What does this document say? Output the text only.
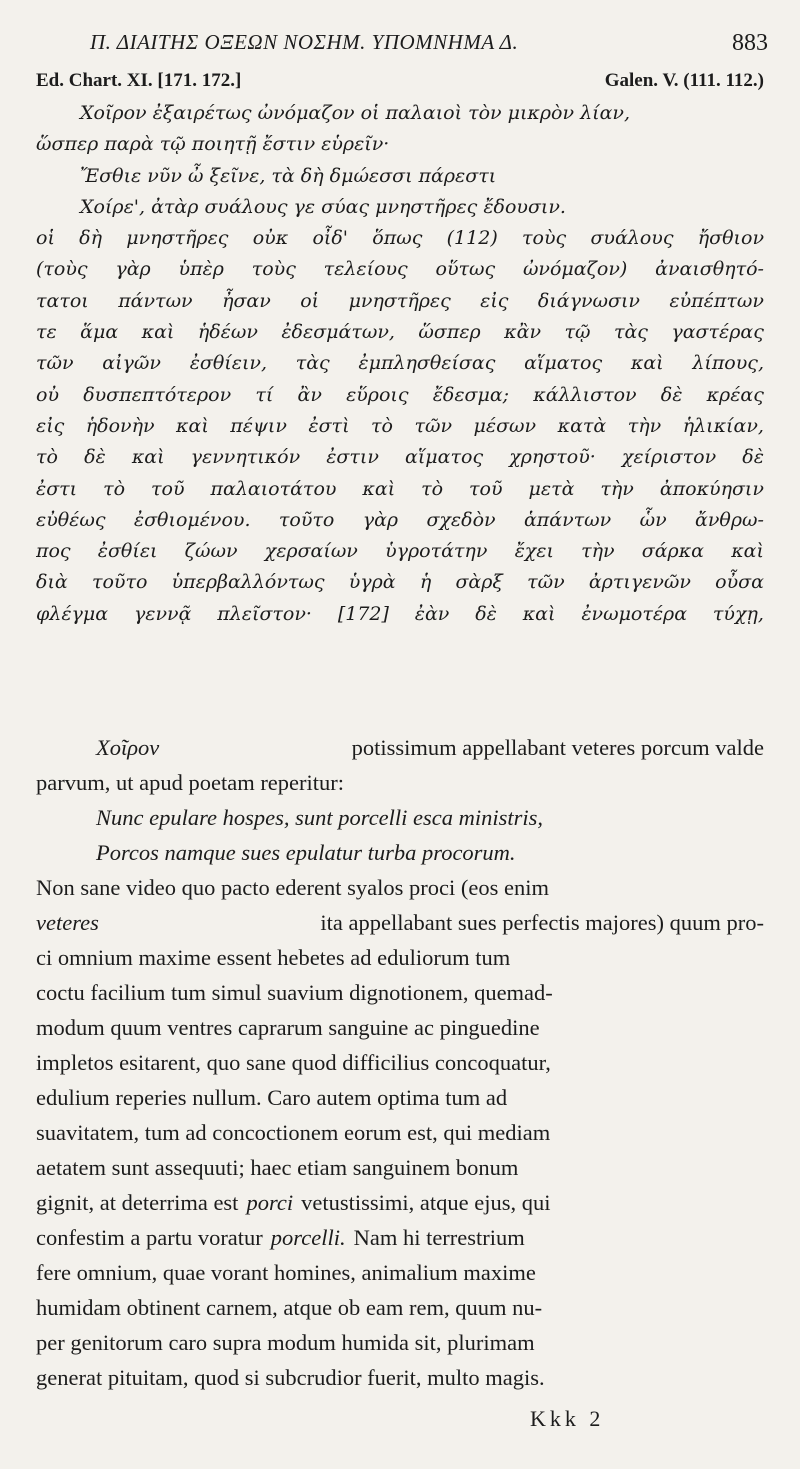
Π. ΔΙΑΙΤΗΣ ΟΞΕΩΝ ΝΟΣΗΜ. ΥΠΟΜΝΗΜΑ Δ.	883
Ed. Chart. XI. [171. 172.]	Galen. V. (111. 112.)
Χοῖρον ἐξαιρέτως ὠνόμαζον οἱ παλαιοὶ τὸν μικρὸν λίαν,
ὥσπερ παρὰ τῷ ποιητῇ ἔστιν εὑρεῖν·
Ἔσθιε νῦν ὦ ξεῖνε, τὰ δὴ δμώεσσι πάρεστι
Χοίρε', ἀτὰρ συάλους γε σύας μνηστῆρες ἔδουσιν.
οἱ δὴ μνηστῆρες οὐκ οἶδ' ὅπως (112) τοὺς συάλους ἤσθιον
(τοὺς γὰρ ὑπὲρ τοὺς τελείους οὕτως ὠνόμαζον) ἀναισθητό-
τατοι πάντων ἦσαν οἱ μνηστῆρες εἰς διάγνωσιν εὐπέπτων
τε ἅμα καὶ ἡδέων ἐδεσμάτων, ὥσπερ κἂν τῷ τὰς γαστέρας
τῶν αἰγῶν ἐσθίειν, τὰς ἐμπλησθείσας αἵματος καὶ λίπους,
οὐ δυσπεπτότερον τί ἂν εὕροις ἔδεσμα; κάλλιστον δὲ κρέας
εἰς ἡδονὴν καὶ πέψιν ἐστὶ τὸ τῶν μέσων κατὰ τὴν ἡλικίαν,
τὸ δὲ καὶ γεννητικόν ἐστιν αἵματος χρηστοῦ· χείριστον δὲ
ἐστι τὸ τοῦ παλαιοτάτου καὶ τὸ τοῦ μετὰ τὴν ἀποκύησιν
εὐθέως ἐσθιομένου. τοῦτο γὰρ σχεδὸν ἁπάντων ὧν ἄνθρω-
πος ἐσθίει ζώων χερσαίων ὑγροτάτην ἔχει τὴν σάρκα καὶ
διὰ τοῦτο ὑπερβαλλόντως ὑγρὰ ἡ σὰρξ τῶν ἀρτιγενῶν οὖσα
φλέγμα γεννᾷ πλεῖστον· [172] ἐὰν δὲ καὶ ἐνωμοτέρα τύχῃ,
Χοῖρον	potissimum appellabant veteres porcum valde
parvum, ut apud poetam reperitur:
Nunc epulare hospes, sunt porcelli esca ministris,
Porcos namque sues epulatur turba procorum.
Non sane video quo pacto ederent syalos proci (eos enim
veteres	ita appellabant sues perfectis majores) quum pro-
ci omnium maxime essent hebetes ad eduliorum tum
coctu facilium tum simul suavium dignotionem, quemad-
modum quum ventres caprarum sanguine ac pinguedine
impletos esitarent, quo sane quod difficilius concoquatur,
edulium reperies nullum. Caro autem optima tum ad
suavitatem, tum ad concoctionem eorum est, qui mediam
aetatem sunt assequuti; haec etiam sanguinem bonum
gignit, at deterrima est porci vetustissimi, atque ejus, qui
confestim a partu voratur porcelli. Nam hi terrestrium
fere omnium, quae vorant homines, animalium maxime
humidam obtinent carnem, atque ob eam rem, quum nu-
per genitorum caro supra modum humida sit, plurimam
generat pituitam, quod si subcrudior fuerit, multo magis.
Kkk 2
